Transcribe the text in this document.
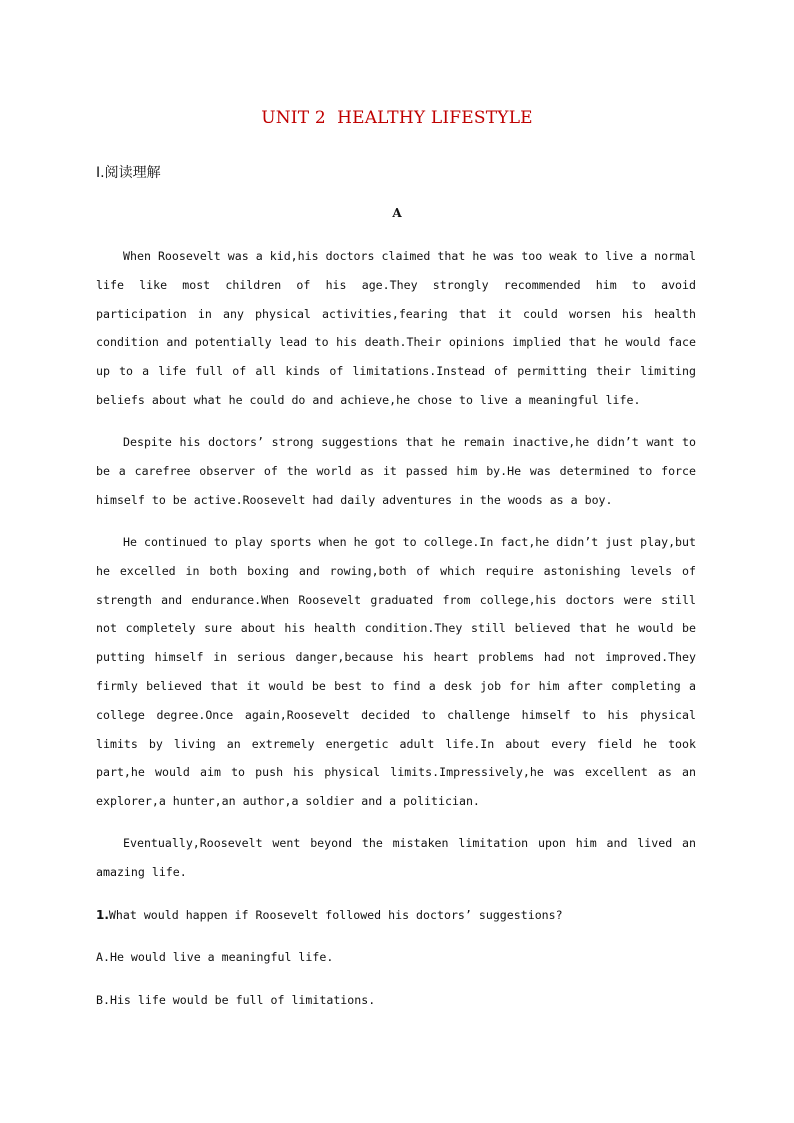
UNIT 2  HEALTHY LIFESTYLE
Ⅰ.阅读理解
A

When Roosevelt was a kid,his doctors claimed that he was too weak to live a normal life like most children of his age.They strongly recommended him to avoid participation in any physical activities,fearing that it could worsen his health condition and potentially lead to his death.Their opinions implied that he would face up to a life full of all kinds of limitations.Instead of permitting their limiting beliefs about what he could do and achieve,he chose to live a meaningful life.

Despite his doctors’ strong suggestions that he remain inactive,he didn’t want to be a carefree observer of the world as it passed him by.He was determined to force himself to be active.Roosevelt had daily adventures in the woods as a boy.

He continued to play sports when he got to college.In fact,he didn’t just play,but he excelled in both boxing and rowing,both of which require astonishing levels of strength and endurance.When Roosevelt graduated from college,his doctors were still not completely sure about his health condition.They still believed that he would be putting himself in serious danger,because his heart problems had not improved.They firmly believed that it would be best to find a desk job for him after completing a college degree.Once again,Roosevelt decided to challenge himself to his physical limits by living an extremely energetic adult life.In about every field he took part,he would aim to push his physical limits.Impressively,he was excellent as an explorer,a hunter,an author,a soldier and a politician.

Eventually,Roosevelt went beyond the mistaken limitation upon him and lived an amazing life.

1.What would happen if Roosevelt followed his doctors’ suggestions?

A.He would live a meaningful life.

B.His life would be full of limitations.
